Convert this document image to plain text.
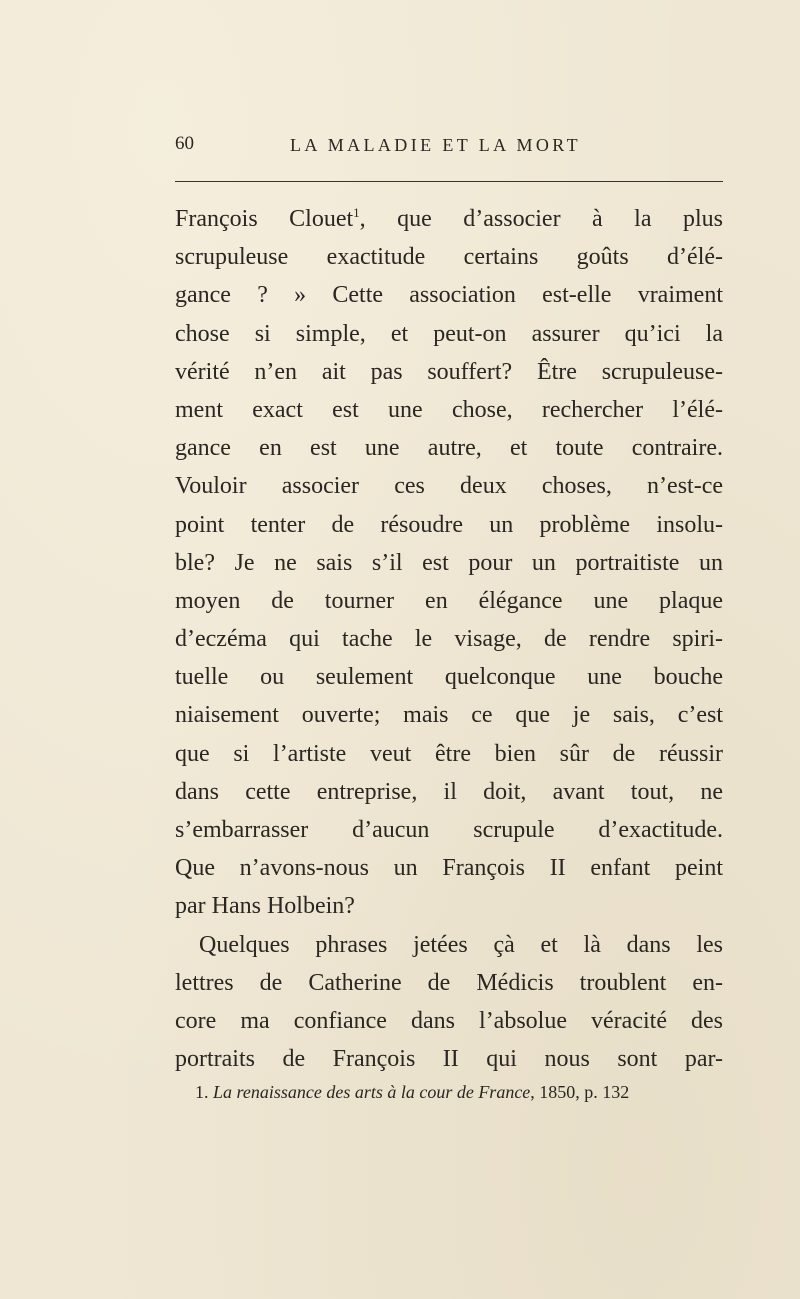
60	LA MALADIE ET LA MORT
François Clouet$^1$, que d’associer à la plus
scrupuleuse exactitude certains goûts d’élé-
gance ? » Cette association est-elle vraiment
chose si simple, et peut-on assurer qu’ici la
vérité n’en ait pas souffert? Être scrupuleuse-
ment exact est une chose, rechercher l’élé-
gance en est une autre, et toute contraire.
Vouloir associer ces deux choses, n’est-ce
point tenter de résoudre un problème insolu-
ble? Je ne sais s’il est pour un portraitiste un
moyen de tourner en élégance une plaque
d’eczéma qui tache le visage, de rendre spiri-
tuelle ou seulement quelconque une bouche
niaisement ouverte; mais ce que je sais, c’est
que si l’artiste veut être bien sûr de réussir
dans cette entreprise, il doit, avant tout, ne
s’embarrasser d’aucun scrupule d’exactitude.
Que n’avons-nous un François II enfant peint
par Hans Holbein?
Quelques phrases jetées çà et là dans les
lettres de Catherine de Médicis troublent en-
core ma confiance dans l’absolue véracité des
portraits de François II qui nous sont par-
1. La renaissance des arts à la cour de France, 1850, p. 132
